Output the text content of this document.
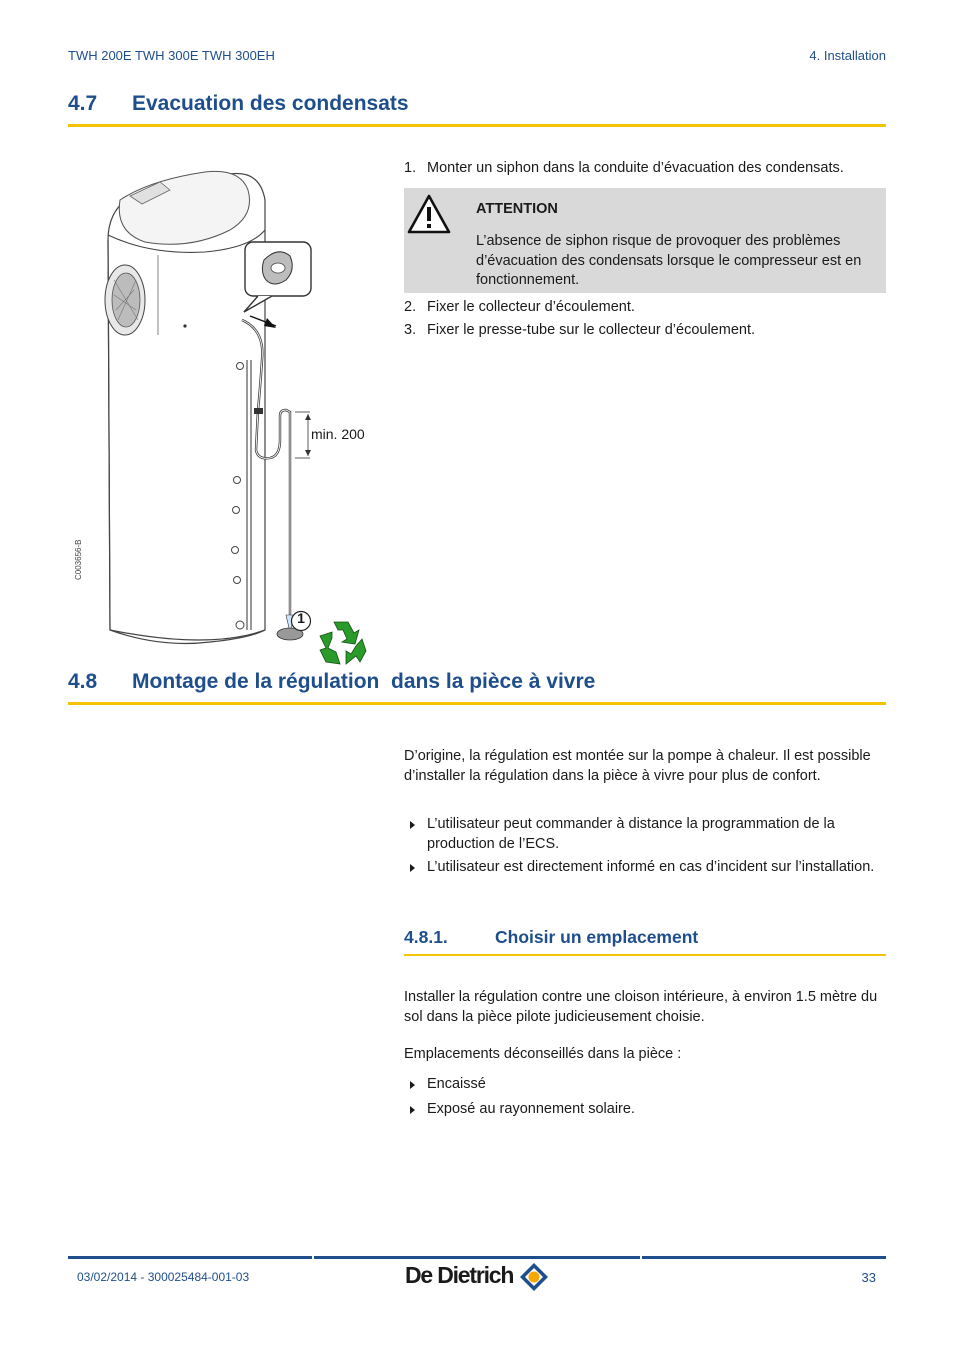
TWH 200E TWH 300E TWH 300EH	4. Installation
4.7 Evacuation des condensats
min. 200
1
C003656-B
1. Monter un siphon dans la conduite d’évacuation des condensats.
ATTENTION
L’absence de siphon risque de provoquer des problèmes d’évacuation des condensats lorsque le compresseur est en fonctionnement.
2. Fixer le collecteur d’écoulement.
3. Fixer le presse-tube sur le collecteur d’écoulement.
4.8 Montage de la régulation  dans la pièce à vivre
D’origine, la régulation est montée sur la pompe à chaleur. Il est possible d’installer la régulation dans la pièce à vivre pour plus de confort.
L’utilisateur peut commander à distance la programmation de la production de l’ECS.
L’utilisateur est directement informé en cas d’incident sur l’installation.
4.8.1.	Choisir un emplacement
Installer la régulation contre une cloison intérieure, à environ 1.5 mètre du sol dans la pièce pilote judicieusement choisie.
Emplacements déconseillés dans la pièce :
Encaissé
Exposé au rayonnement solaire.
03/02/2014 - 300025484-001-03	De Dietrich	33
